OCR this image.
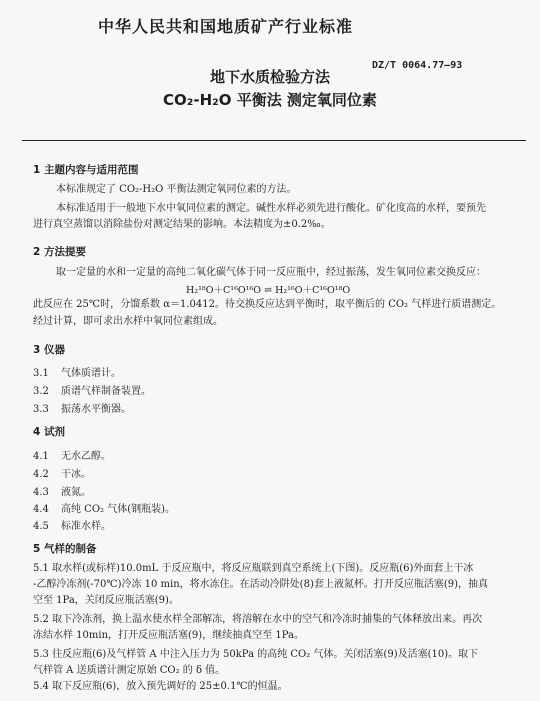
中华人民共和国地质矿产行业标准
DZ/T 0064.77—93
地下水质检验方法
CO₂-H₂O 平衡法 测定氧同位素
1 主题内容与适用范围
本标准规定了 CO₂-H₂O 平衡法测定氧同位素的方法。
本标准适用于一般地下水中氧同位素的测定。碱性水样必须先进行酸化。矿化度高的水样，要预先
进行真空蒸馏以消除盐份对测定结果的影响。本法精度为±0.2‰。
2 方法提要
取一定量的水和一定量的高纯二氧化碳气体于同一反应瓶中，经过振荡，发生氧同位素交换反应：
H₂¹⁸O＋C¹⁶O¹⁶O ⇌ H₂¹⁶O＋C¹⁶O¹⁸O
此反应在 25℃时，分馏系数 α＝1.0412。待交换反应达到平衡时，取平衡后的 CO₂ 气样进行质谱测定。
经过计算，即可求出水样中氧同位素组成。
3 仪器
3.1 气体质谱计。
3.2 质谱气样制备装置。
3.3 振荡水平衡器。
4 试剂
4.1 无水乙醇。
4.2 干冰。
4.3 液氮。
4.4 高纯 CO₂ 气体(钢瓶装)。
4.5 标准水样。
5 气样的制备
5.1 取水样(或标样)10.0mL 于反应瓶中，将反应瓶联到真空系统上(下图)。反应瓶(6)外面套上干冰
-乙醇冷冻剂(-70℃)冷冻 10 min，将水冻住。在活动冷阱处(8)套上液氮杯。打开反应瓶活塞(9)，抽真
空至 1Pa，关闭反应瓶活塞(9)。
5.2 取下冷冻剂，换上温水使水样全部解冻，将溶解在水中的空气和冷冻时捕集的气体释放出来。再次
冻结水样 10min，打开反应瓶活塞(9)，继续抽真空至 1Pa。
5.3 往反应瓶(6)及气样管 A 中注入压力为 50kPa 的高纯 CO₂ 气体。关闭活塞(9)及活塞(10)。取下
气样管 A 送质谱计测定原始 CO₂ 的 δ 值。
5.4 取下反应瓶(6)，放入预先调好的 25±0.1℃的恒温。
